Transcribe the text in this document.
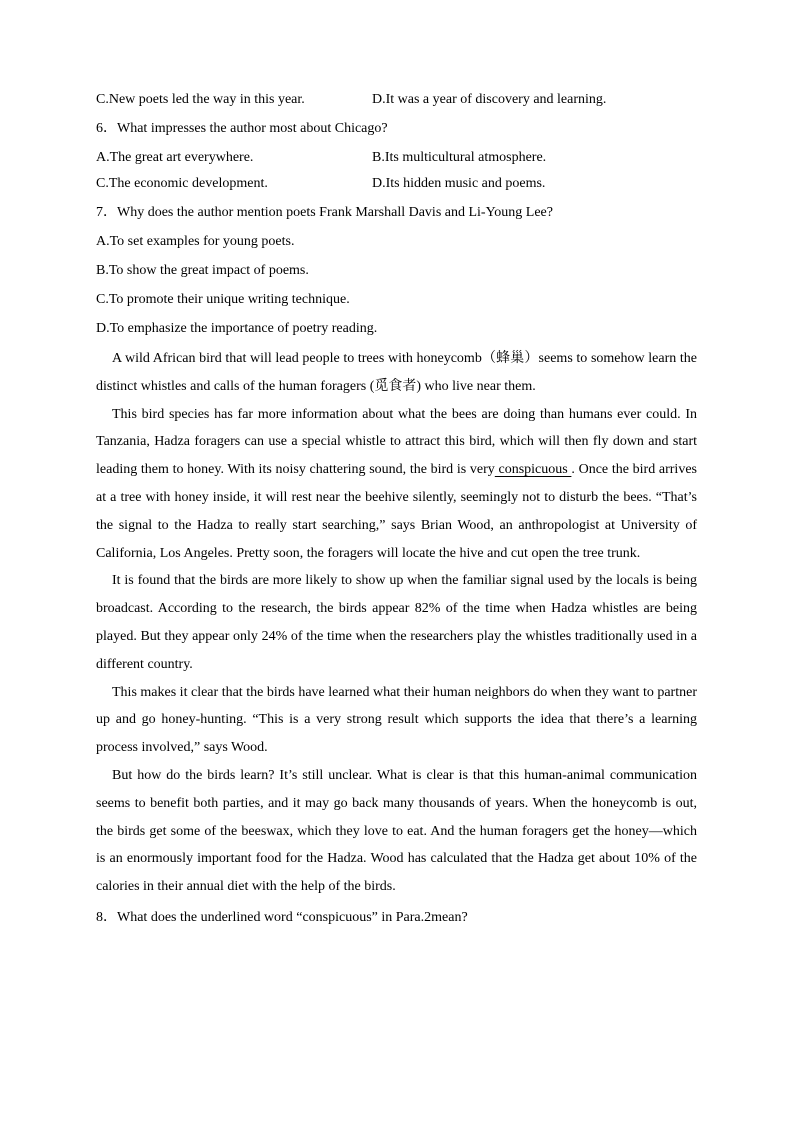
C.New poets led the way in this year.	D.It was a year of discovery and learning.
6．What impresses the author most about Chicago?
A.The great art everywhere.	B.Its multicultural atmosphere.
C.The economic development.	D.Its hidden music and poems.
7．Why does the author mention poets Frank Marshall Davis and Li-Young Lee?
A.To set examples for young poets.
B.To show the great impact of poems.
C.To promote their unique writing technique.
D.To emphasize the importance of poetry reading.

A wild African bird that will lead people to trees with honeycomb（蜂巢）seems to somehow learn the distinct whistles and calls of the human foragers (觅食者) who live near them.

This bird species has far more information about what the bees are doing than humans ever could. In Tanzania, Hadza foragers can use a special whistle to attract this bird, which will then fly down and start leading them to honey. With its noisy chattering sound, the bird is very conspicuous . Once the bird arrives at a tree with honey inside, it will rest near the beehive silently, seemingly not to disturb the bees. “That’s the signal to the Hadza to really start searching,” says Brian Wood, an anthropologist at University of California, Los Angeles. Pretty soon, the foragers will locate the hive and cut open the tree trunk.

It is found that the birds are more likely to show up when the familiar signal used by the locals is being broadcast. According to the research, the birds appear 82% of the time when Hadza whistles are being played. But they appear only 24% of the time when the researchers play the whistles traditionally used in a different country.

This makes it clear that the birds have learned what their human neighbors do when they want to partner up and go honey-hunting. “This is a very strong result which supports the idea that there’s a learning process involved,” says Wood.

But how do the birds learn? It’s still unclear. What is clear is that this human-animal communication seems to benefit both parties, and it may go back many thousands of years. When the honeycomb is out, the birds get some of the beeswax, which they love to eat. And the human foragers get the honey—which is an enormously important food for the Hadza. Wood has calculated that the Hadza get about 10% of the calories in their annual diet with the help of the birds.

8．What does the underlined word “conspicuous” in Para.2mean?
